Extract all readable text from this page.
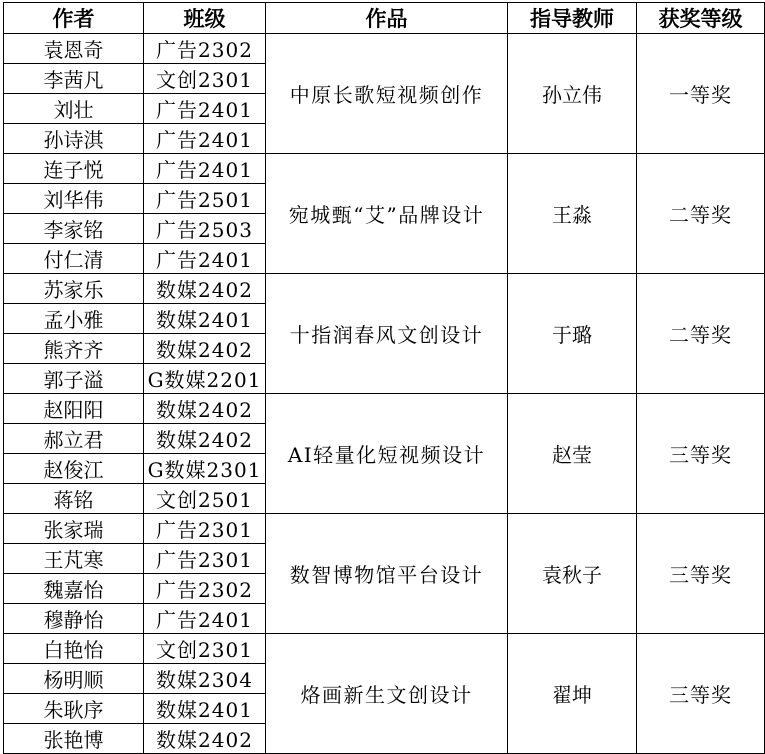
作者	班级	作品	指导教师	获奖等级
袁恩奇	广告2302	中原长歌短视频创作	孙立伟	一等奖
李茜凡	文创2301			
刘壮	广告2401			
孙诗淇	广告2401			
连子悦	广告2401	宛城甄“艾”品牌设计	王淼	二等奖
刘华伟	广告2501			
李家铭	广告2503			
付仁清	广告2401			
苏家乐	数媒2402	十指润春风文创设计	于璐	二等奖
孟小雅	数媒2401			
熊齐齐	数媒2402			
郭子溢	G数媒2201			
赵阳阳	数媒2402	AI轻量化短视频设计	赵莹	三等奖
郝立君	数媒2402			
赵俊江	G数媒2301			
蒋铭	文创2501			
张家瑞	广告2301	数智博物馆平台设计	袁秋子	三等奖
王芃寒	广告2301			
魏嘉怡	广告2302			
穆静怡	广告2401			
白艳怡	文创2301	烙画新生文创设计	翟坤	三等奖
杨明顺	数媒2304			
朱耿序	数媒2401			
张艳博	数媒2402			
